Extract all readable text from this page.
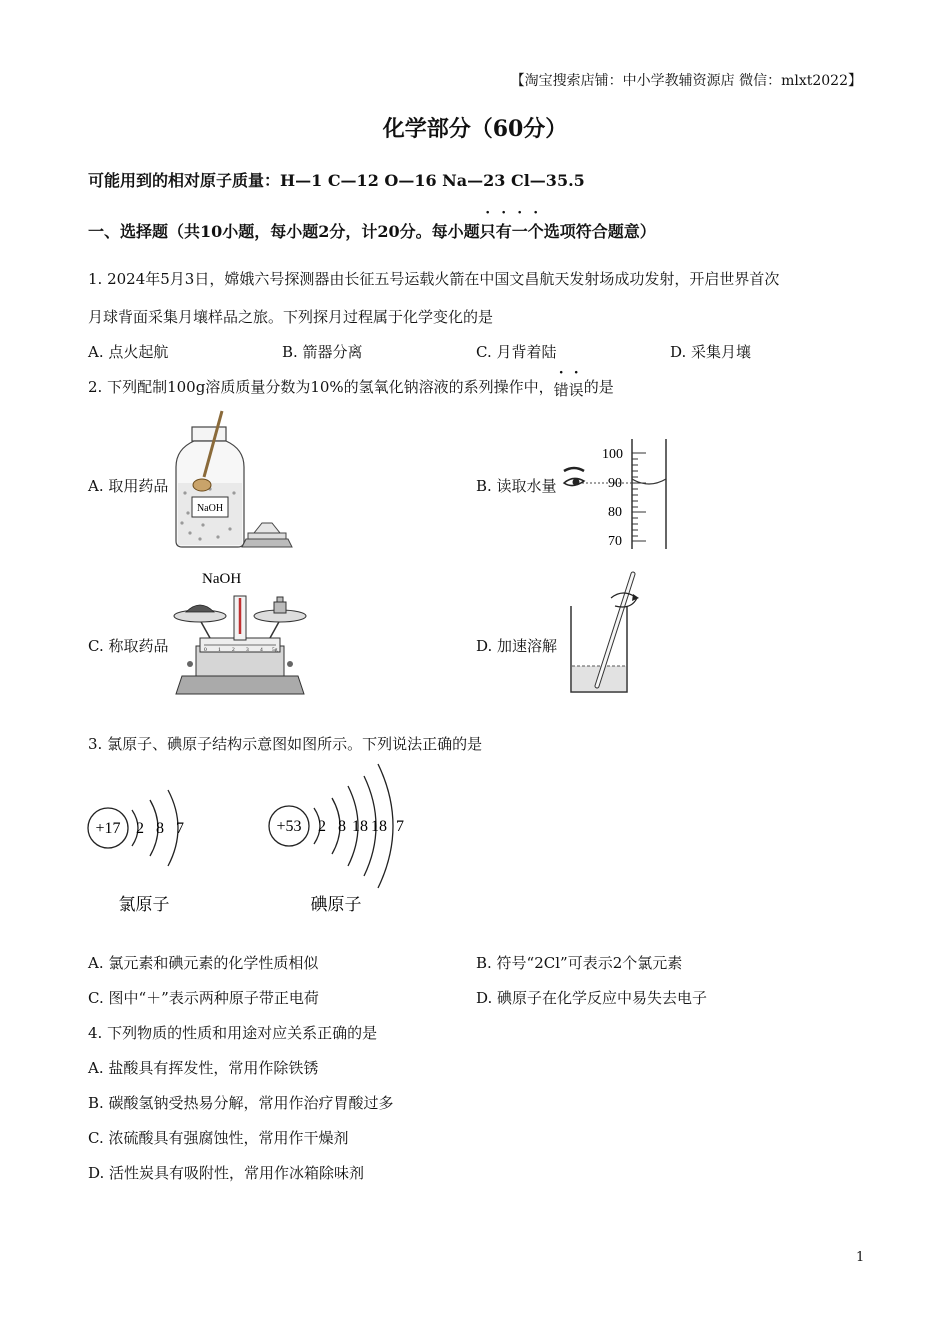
【淘宝搜索店铺：中小学教辅资源店 微信：mlxt2022】
化学部分（60分）
可能用到的相对原子质量：H—1 C—12 O—16 Na—23 Cl—35.5
一、选择题（共10小题，每小题2分，计20分。每小题只有一个选项符合题意）
1. 2024年5月3日，嫦娥六号探测器由长征五号运载火箭在中国文昌航天发射场成功发射，开启世界首次
月球背面采集月壤样品之旅。下列探月过程属于化学变化的是
A. 点火起航	B. 箭器分离	C. 月背着陆	D. 采集月壤
2. 下列配制100g溶质质量分数为10%的氢氧化钠溶液的系列操作中，错误的是
A. 取用药品	B. 读取水量
C. 称取药品	D. 加速溶解
NaOH
100
90
80
70
NaOH
0 1 2 3 4 5g
3. 氯原子、碘原子结构示意图如图所示。下列说法正确的是
+17 2 8 7
氯原子
+53 2 8 18 18 7
碘原子
A. 氯元素和碘元素的化学性质相似	B. 符号“2Cl”可表示2个氯元素
C. 图中“＋”表示两种原子带正电荷	D. 碘原子在化学反应中易失去电子
4. 下列物质的性质和用途对应关系正确的是
A. 盐酸具有挥发性，常用作除铁锈
B. 碳酸氢钠受热易分解，常用作治疗胃酸过多
C. 浓硫酸具有强腐蚀性，常用作干燥剂
D. 活性炭具有吸附性，常用作冰箱除味剂
1
